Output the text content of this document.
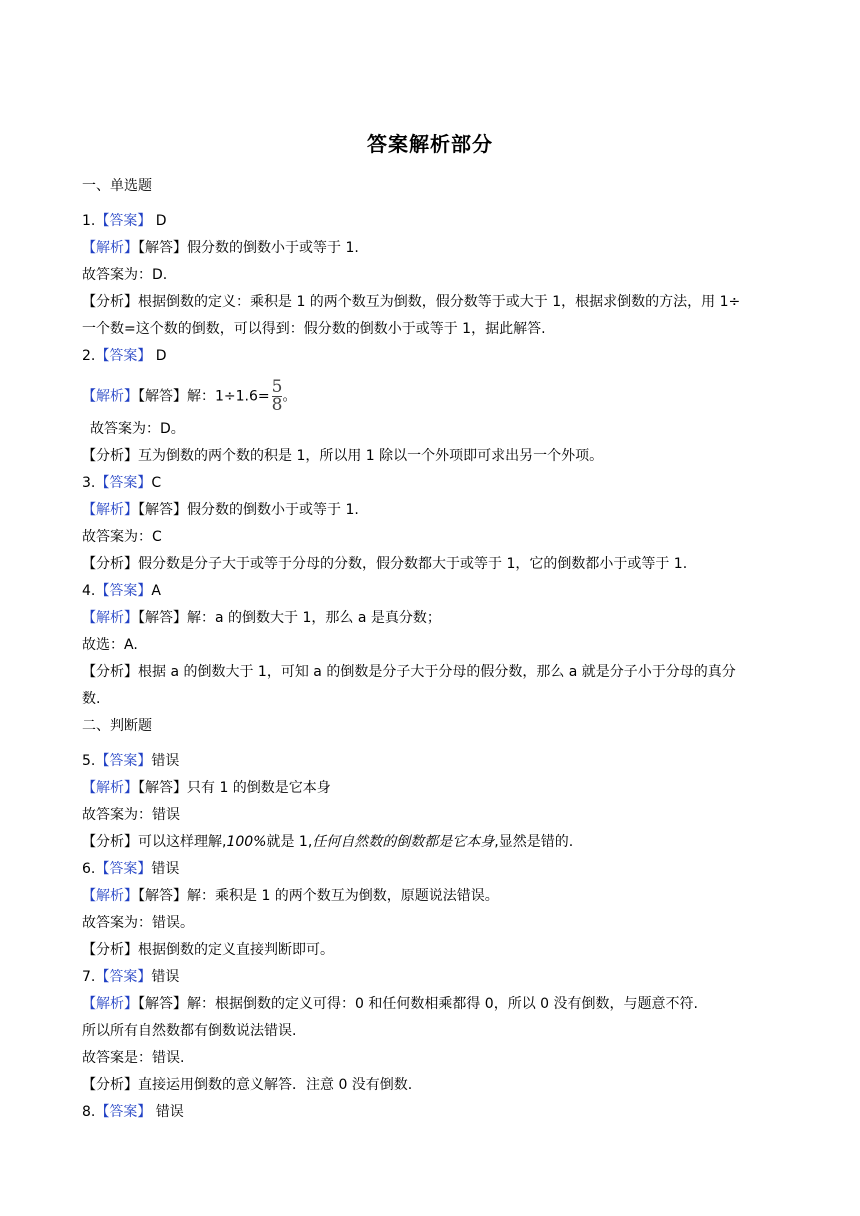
答案解析部分
一、单选题
1.【答案】 D
【解析】【解答】假分数的倒数小于或等于 1.
故答案为：D.
【分析】根据倒数的定义：乘积是 1 的两个数互为倒数，假分数等于或大于 1，根据求倒数的方法，用 1÷
一个数=这个数的倒数，可以得到：假分数的倒数小于或等于 1，据此解答.
2.【答案】 D
【解析】【解答】解：$1\div 1.6= \frac{5}{8}$ 。
故答案为：D。
【分析】互为倒数的两个数的积是 1，所以用 1 除以一个外项即可求出另一个外项。
3.【答案】C
【解析】【解答】假分数的倒数小于或等于 1.
故答案为：C
【分析】假分数是分子大于或等于分母的分数，假分数都大于或等于 1，它的倒数都小于或等于 1.
4.【答案】A
【解析】【解答】解：a 的倒数大于 1，那么 a 是真分数；
故选：A.
【分析】根据 a 的倒数大于 1，可知 a 的倒数是分子大于分母的假分数，那么 a 就是分子小于分母的真分
数.
二、判断题
5.【答案】错误
【解析】【解答】只有 1 的倒数是它本身
故答案为：错误
【分析】可以这样理解,100%就是 1,任何自然数的倒数都是它本身,显然是错的.
6.【答案】错误
【解析】【解答】解：乘积是 1 的两个数互为倒数，原题说法错误。
故答案为：错误。
【分析】根据倒数的定义直接判断即可。
7.【答案】错误
【解析】【解答】解：根据倒数的定义可得：0 和任何数相乘都得 0，所以 0 没有倒数，与题意不符.
所以所有自然数都有倒数说法错误.
故答案是：错误.
【分析】直接运用倒数的意义解答．注意 0 没有倒数.
8.【答案】 错误
